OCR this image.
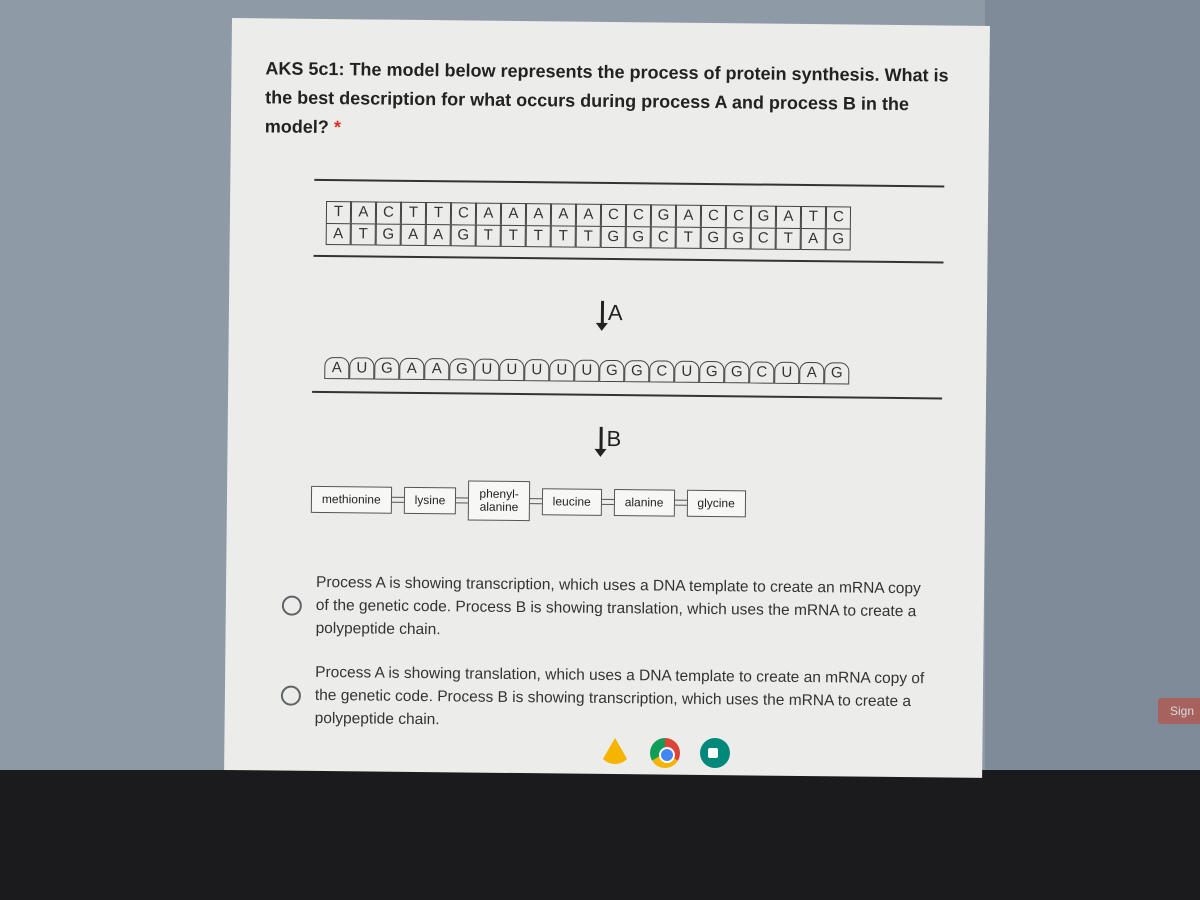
Sign

AKS 5c1: The model below represents the process of protein synthesis. What is the best description for what occurs during process A and process B in the model? *

T	A C T	T C A A A A A C C G A C C G A	T C
A	T G A A G T	T	T	T	T G G C T G G C T	A G
A
A U G A A G U U U U U G G C U G G C U A G
B
methionine	lysine	phenyl-
alanine	leucine	alanine	glycine
Process A is showing transcription, which uses a DNA template to create an mRNA copy of the genetic code. Process B is showing translation, which uses the mRNA to create a polypeptide chain.
Process A is showing translation, which uses a DNA template to create an mRNA copy of the genetic code. Process B is showing transcription, which uses the mRNA to create a polypeptide chain.
